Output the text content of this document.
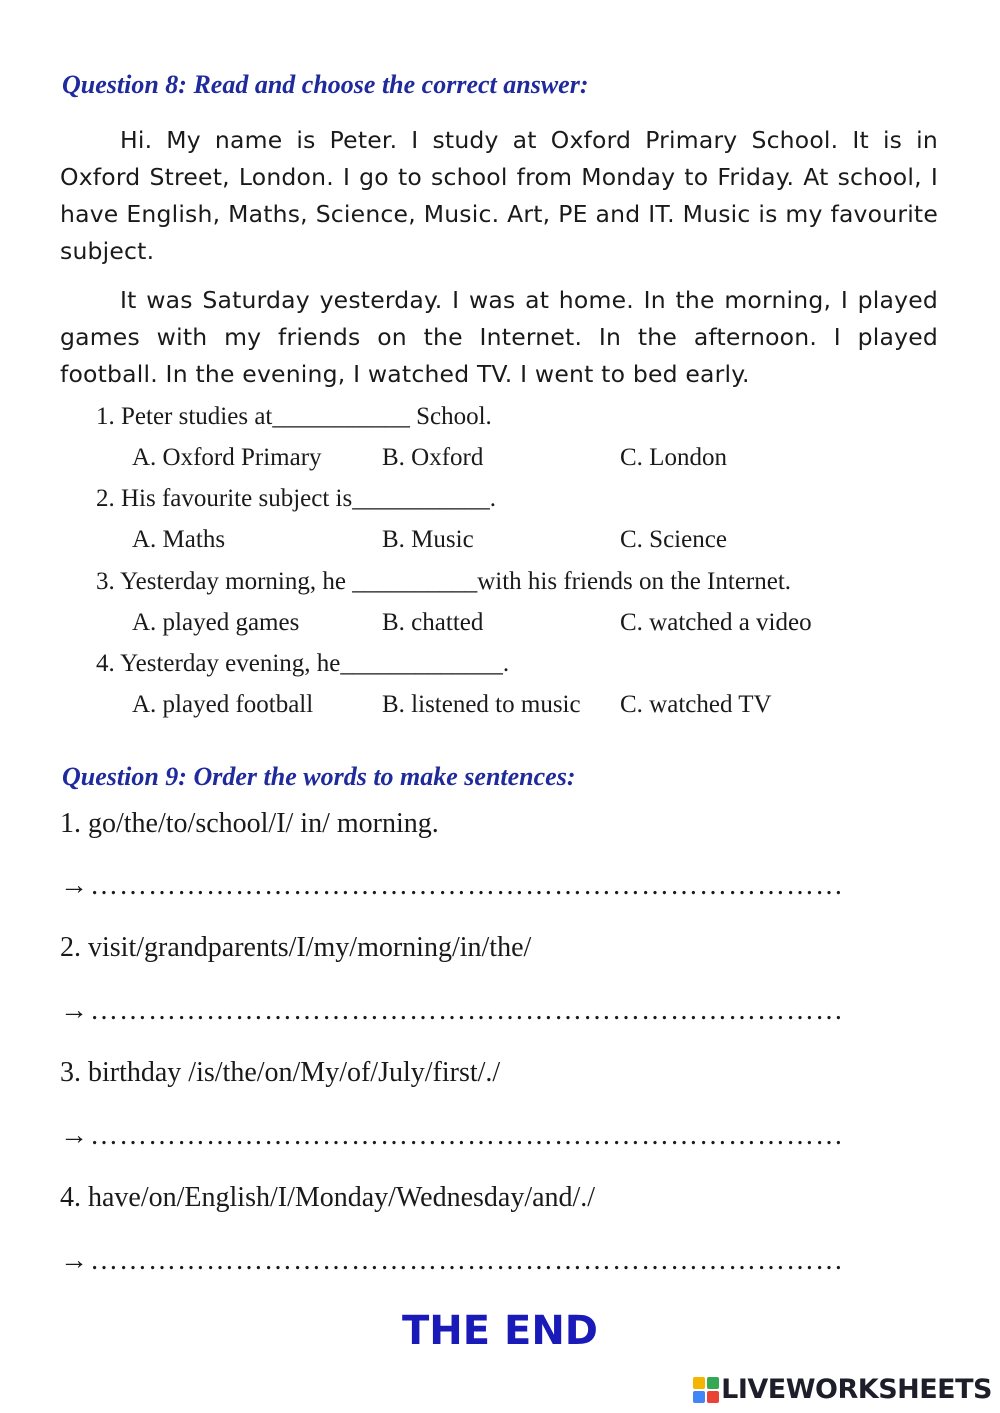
Question 8: Read and choose the correct answer:

Hi. My name is Peter. I study at Oxford Primary School. It is in Oxford Street, London. I go to school from Monday to Friday. At school, I have English, Maths, Science, Music. Art, PE and IT. Music is my favourite subject.

It was Saturday yesterday. I was at home. In the morning, I played games with my friends on the Internet. In the afternoon. I played football. In the evening, I watched TV. I went to bed early.

1. Peter studies at___________ School.
A. Oxford Primary B. Oxford	C. London
2. His favourite subject is___________.
A. Maths	B. Music	C. Science
3. Yesterday morning, he __________with his friends on the Internet.
A. played games	B. chatted	C. watched a video
4. Yesterday evening, he_____________.
A. played football	B. listened to music C. watched TV
Question 9: Order the words to make sentences:
1. go/the/to/school/I/ in/ morning.
→……………………………………………………………………
2. visit/grandparents/I/my/morning/in/the/
→……………………………………………………………………
3. birthday /is/the/on/My/of/July/first/./
→……………………………………………………………………
4. have/on/English/I/Monday/Wednesday/and/./
→……………………………………………………………………
THE END
LIVEWORKSHEETS
